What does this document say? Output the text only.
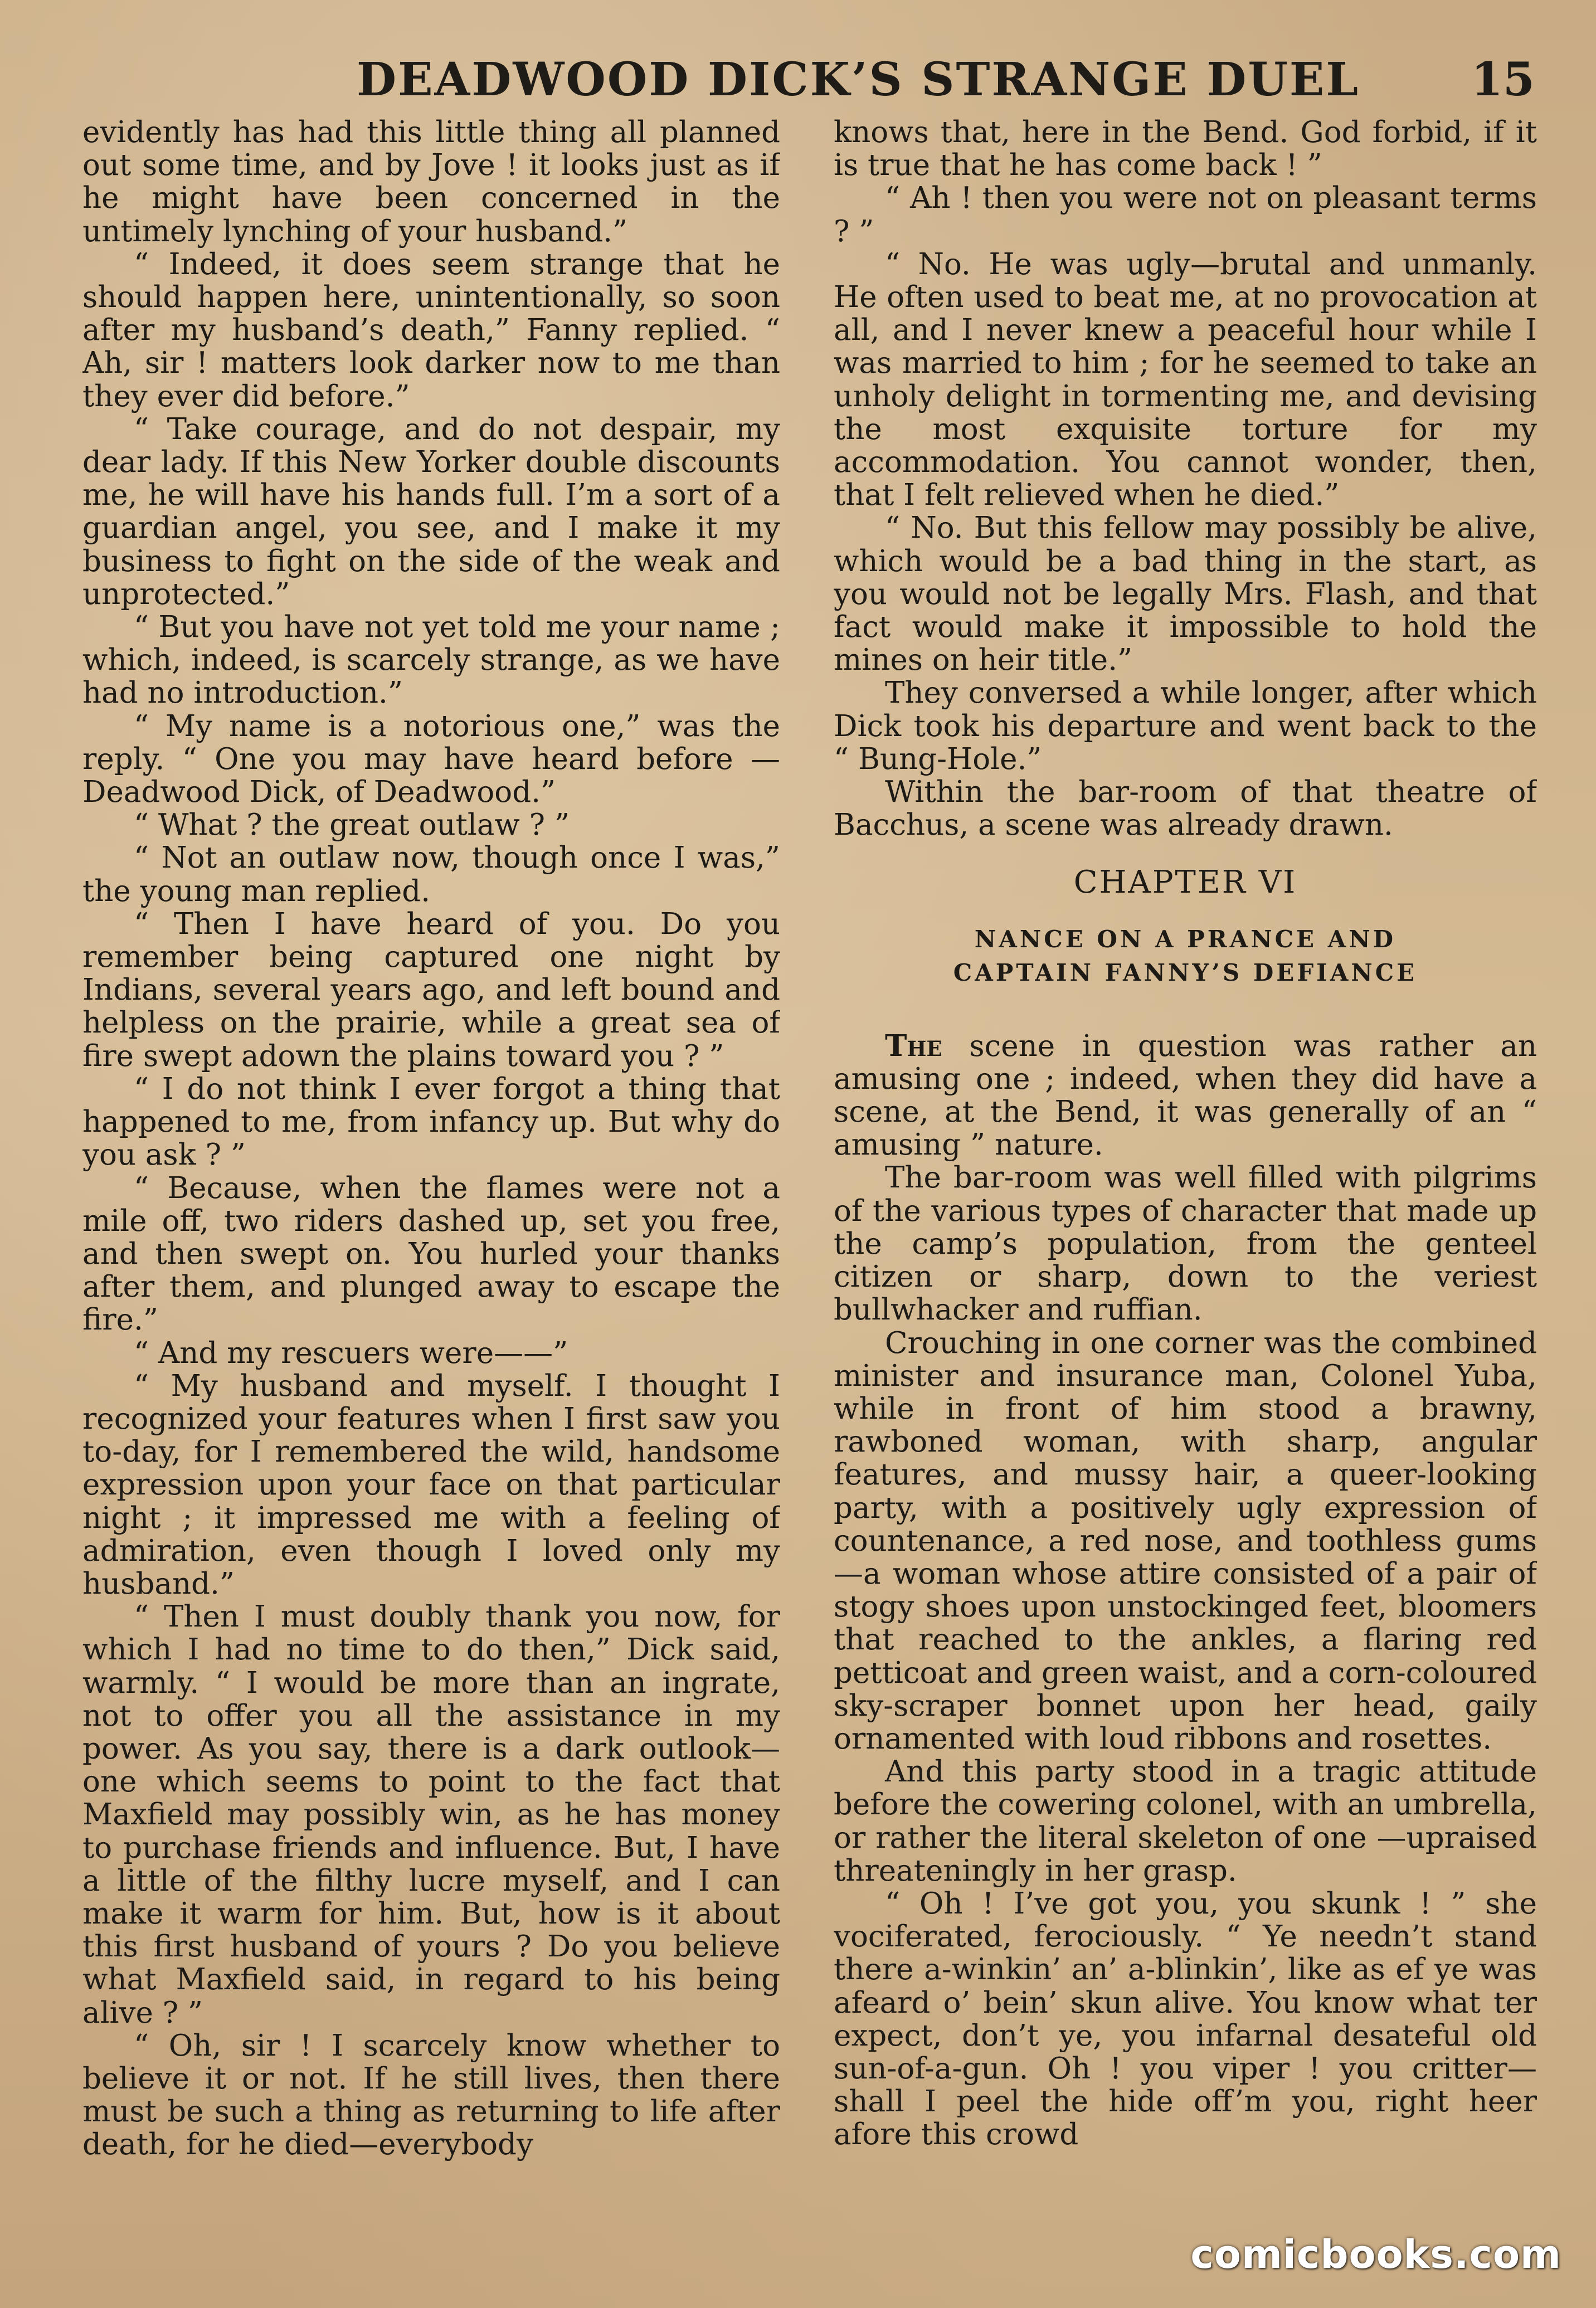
DEADWOOD DICK’S STRANGE DUEL 15

evidently has had this little thing all planned out some time, and by Jove ! it looks just as if he might have been concerned in the untimely lynching of your husband.”

“ Indeed, it does seem strange that he should happen here, unintentionally, so soon after my husband’s death,” Fanny replied. “ Ah, sir ! matters look darker now to me than they ever did before.”

“ Take courage, and do not despair, my dear lady. If this New Yorker double discounts me, he will have his hands full. I’m a sort of a guardian angel, you see, and I make it my business to fight on the side of the weak and unprotected.”

“ But you have not yet told me your name ; which, indeed, is scarcely strange, as we have had no introduction.”

“ My name is a notorious one,” was the reply. “ One you may have heard before —Deadwood Dick, of Deadwood.”

“ What ? the great outlaw ? ”

“ Not an outlaw now, though once I was,” the young man replied.

“ Then I have heard of you. Do you remember being captured one night by Indians, several years ago, and left bound and helpless on the prairie, while a great sea of fire swept adown the plains toward you ? ”

“ I do not think I ever forgot a thing that happened to me, from infancy up. But why do you ask ? ”

“ Because, when the flames were not a mile off, two riders dashed up, set you free, and then swept on. You hurled your thanks after them, and plunged away to escape the fire.”

“ And my rescuers were——”

“ My husband and myself. I thought I recognized your features when I first saw you to-day, for I remembered the wild, handsome expression upon your face on that particular night ; it impressed me with a feeling of admiration, even though I loved only my husband.”

“ Then I must doubly thank you now, for which I had no time to do then,” Dick said, warmly. “ I would be more than an ingrate, not to offer you all the assistance in my power. As you say, there is a dark outlook—one which seems to point to the fact that Maxfield may possibly win, as he has money to purchase friends and influence. But, I have a little of the filthy lucre myself, and I can make it warm for him. But, how is it about this first husband of yours ? Do you believe what Maxfield said, in regard to his being alive ? ”

“ Oh, sir ! I scarcely know whether to believe it or not. If he still lives, then there must be such a thing as returning to life after death, for he died—everybody

knows that, here in the Bend. God forbid, if it is true that he has come back ! ”

“ Ah ! then you were not on pleasant terms ? ”

“ No. He was ugly—brutal and unmanly. He often used to beat me, at no provocation at all, and I never knew a peaceful hour while I was married to him ; for he seemed to take an unholy delight in tormenting me, and devising the most exquisite torture for my accommodation. You cannot wonder, then, that I felt relieved when he died.”

“ No. But this fellow may possibly be alive, which would be a bad thing in the start, as you would not be legally Mrs. Flash, and that fact would make it impossible to hold the mines on heir title.”

They conversed a while longer, after which Dick took his departure and went back to the “ Bung-Hole.”

Within the bar-room of that theatre of Bacchus, a scene was already drawn.

CHAPTER VI
NANCE ON A PRANCE AND
CAPTAIN FANNY’S DEFIANCE

The scene in question was rather an amusing one ; indeed, when they did have a scene, at the Bend, it was generally of an “ amusing ” nature.

The bar-room was well filled with pilgrims of the various types of character that made up the camp’s population, from the genteel citizen or sharp, down to the veriest bullwhacker and ruffian.

Crouching in one corner was the combined minister and insurance man, Colonel Yuba, while in front of him stood a brawny, rawboned woman, with sharp, angular features, and mussy hair, a queer-looking party, with a positively ugly expression of countenance, a red nose, and toothless gums—a woman whose attire consisted of a pair of stogy shoes upon unstockinged feet, bloomers that reached to the ankles, a flaring red petticoat and green waist, and a corn-coloured sky-scraper bonnet upon her head, gaily ornamented with loud ribbons and rosettes.

And this party stood in a tragic attitude before the cowering colonel, with an umbrella, or rather the literal skeleton of one —upraised threateningly in her grasp.

“ Oh ! I’ve got you, you skunk ! ” she vociferated, ferociously. “ Ye needn’t stand there a-winkin’ an’ a-blinkin’, like as ef ye was afeard o’ bein’ skun alive. You know what ter expect, don’t ye, you infarnal desateful old sun-of-a-gun. Oh ! you viper ! you critter—shall I peel the hide off’m you, right heer afore this crowd

comicbooks.com
